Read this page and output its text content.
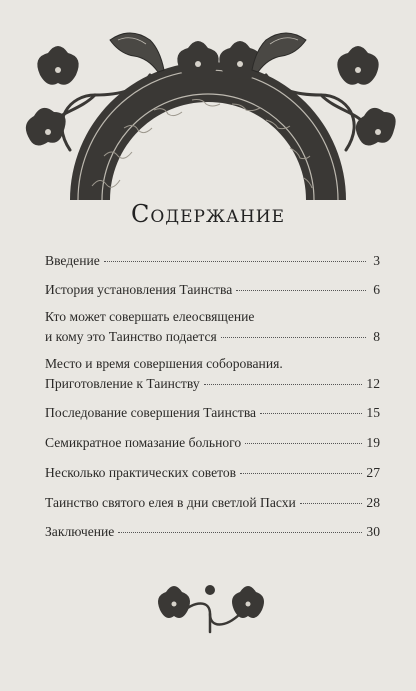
Содержание
Введение	3
История установления Таинства	6
Кто может совершать елеосвящение
и кому это Таинство подается	8
Место и время совершения соборования.
Приготовление к Таинству	12
Последование совершения Таинства	15
Семикратное помазание больного	19
Несколько практических советов	27
Таинство святого елея в дни светлой Пасхи	28
Заключение	30
